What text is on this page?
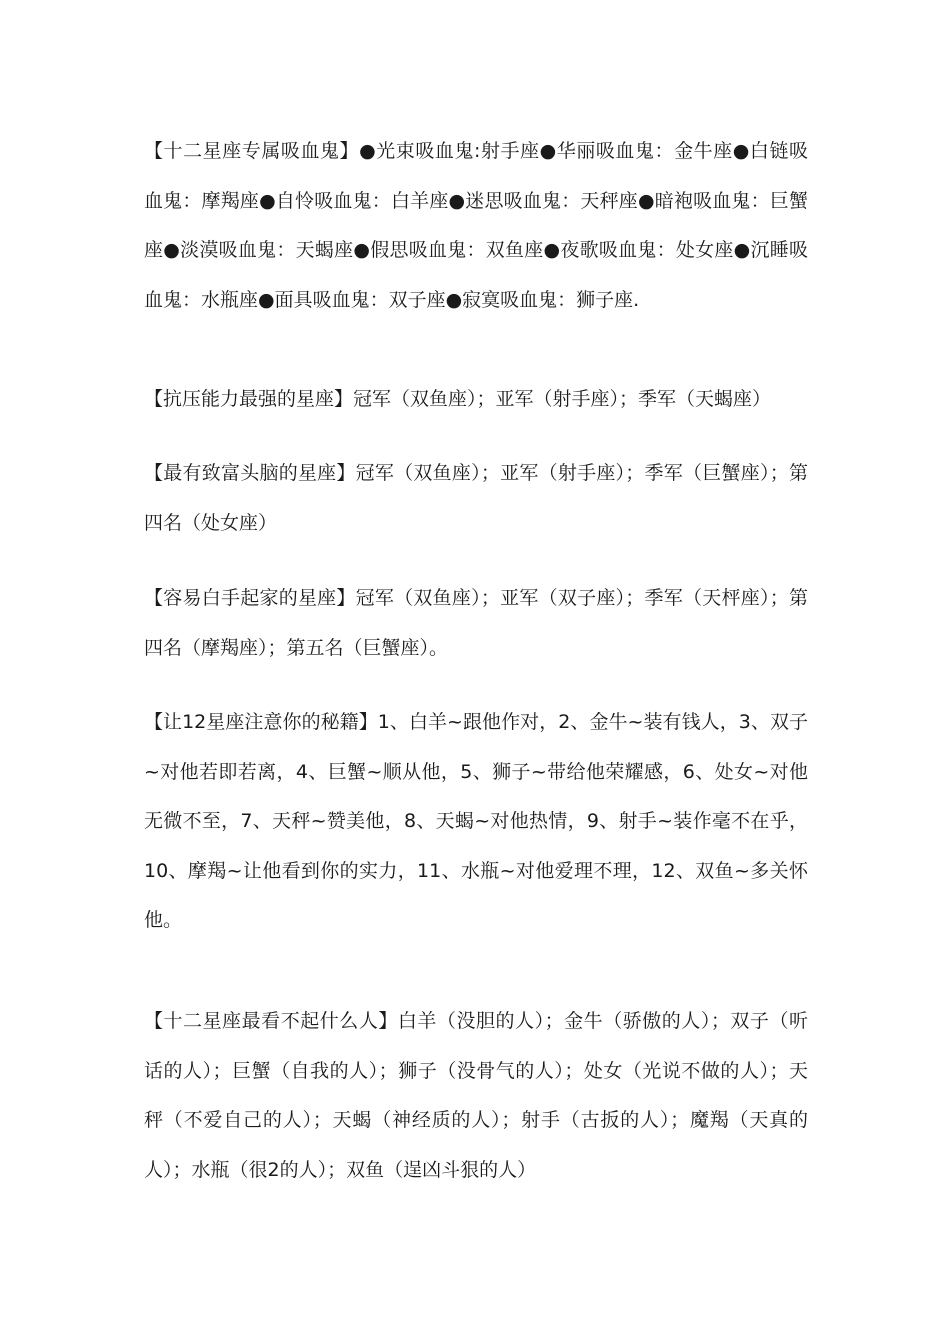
【十二星座专属吸血鬼】●光束吸血鬼:射手座●华丽吸血鬼：金牛座●白链吸血鬼：摩羯座●自怜吸血鬼：白羊座●迷思吸血鬼：天秤座●暗袍吸血鬼：巨蟹座●淡漠吸血鬼：天蝎座●假思吸血鬼：双鱼座●夜歌吸血鬼：处女座●沉睡吸血鬼：水瓶座●面具吸血鬼：双子座●寂寞吸血鬼：狮子座.

【抗压能力最强的星座】冠军（双鱼座）；亚军（射手座）；季军（天蝎座）

【最有致富头脑的星座】冠军（双鱼座）；亚军（射手座）；季军（巨蟹座）；第四名（处女座）

【容易白手起家的星座】冠军（双鱼座）；亚军（双子座）；季军（天枰座）；第四名（摩羯座）；第五名（巨蟹座）。

【让12星座注意你的秘籍】1、白羊~跟他作对，2、金牛~装有钱人，3、双子~对他若即若离，4、巨蟹~顺从他，5、狮子~带给他荣耀感，6、处女~对他无微不至，7、天秤~赞美他，8、天蝎~对他热情，9、射手~装作毫不在乎，10、摩羯~让他看到你的实力，11、水瓶~对他爱理不理，12、双鱼~多关怀他。

【十二星座最看不起什么人】白羊（没胆的人）；金牛（骄傲的人）；双子（听话的人）；巨蟹（自我的人）；狮子（没骨气的人）；处女（光说不做的人）；天秤（不爱自己的人）；天蝎（神经质的人）；射手（古扳的人）；魔羯（天真的人）；水瓶（很2的人）；双鱼（逞凶斗狠的人）
